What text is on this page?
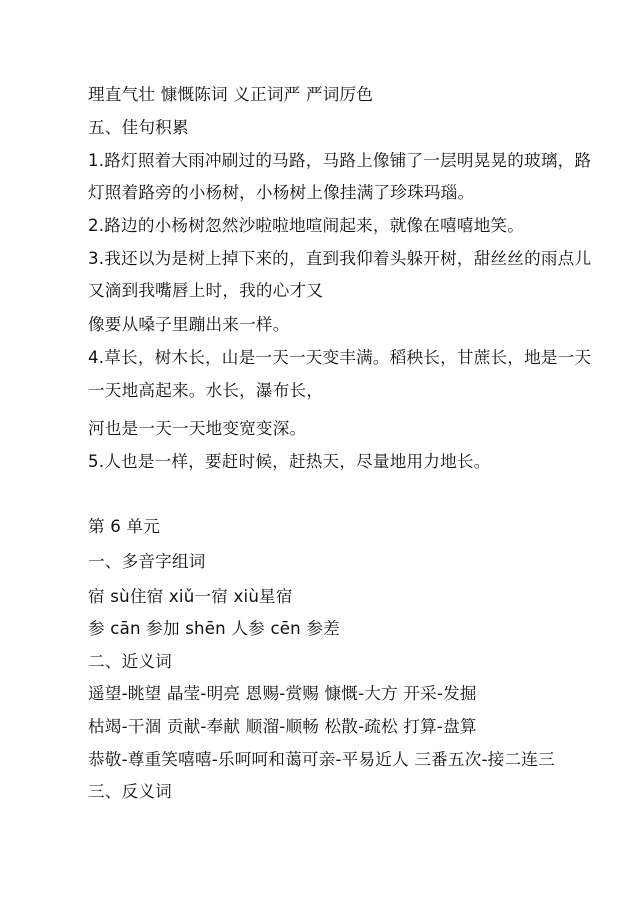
理直气壮 慷慨陈词 义正词严 严词厉色
五、佳句积累
1.路灯照着大雨冲刷过的马路，马路上像铺了一层明晃晃的玻璃，路
灯照着路旁的小杨树，小杨树上像挂满了珍珠玛瑙。
2.路边的小杨树忽然沙啦啦地喧闹起来，就像在嘻嘻地笑。
3.我还以为是树上掉下来的，直到我仰着头躲开树，甜丝丝的雨点儿
又滴到我嘴唇上时，我的心才又
像要从嗓子里蹦出来一样。
4.草长，树木长，山是一天一天变丰满。稻秧长，甘蔗长，地是一天
一天地高起来。水长，瀑布长，
河也是一天一天地变宽变深。
5.人也是一样，要赶时候，赶热天，尽量地用力地长。
第 6 单元
一、多音字组词
宿 sù住宿 xiǔ一宿 xiù星宿
参 cān 参加 shēn 人参 cēn 参差
二、近义词
遥望-眺望 晶莹-明亮 恩赐-赏赐 慷慨-大方 开采-发掘
枯竭-干涸 贡献-奉献 顺溜-顺畅 松散-疏松 打算-盘算
恭敬-尊重笑嘻嘻-乐呵呵和蔼可亲-平易近人 三番五次-接二连三
三、反义词
